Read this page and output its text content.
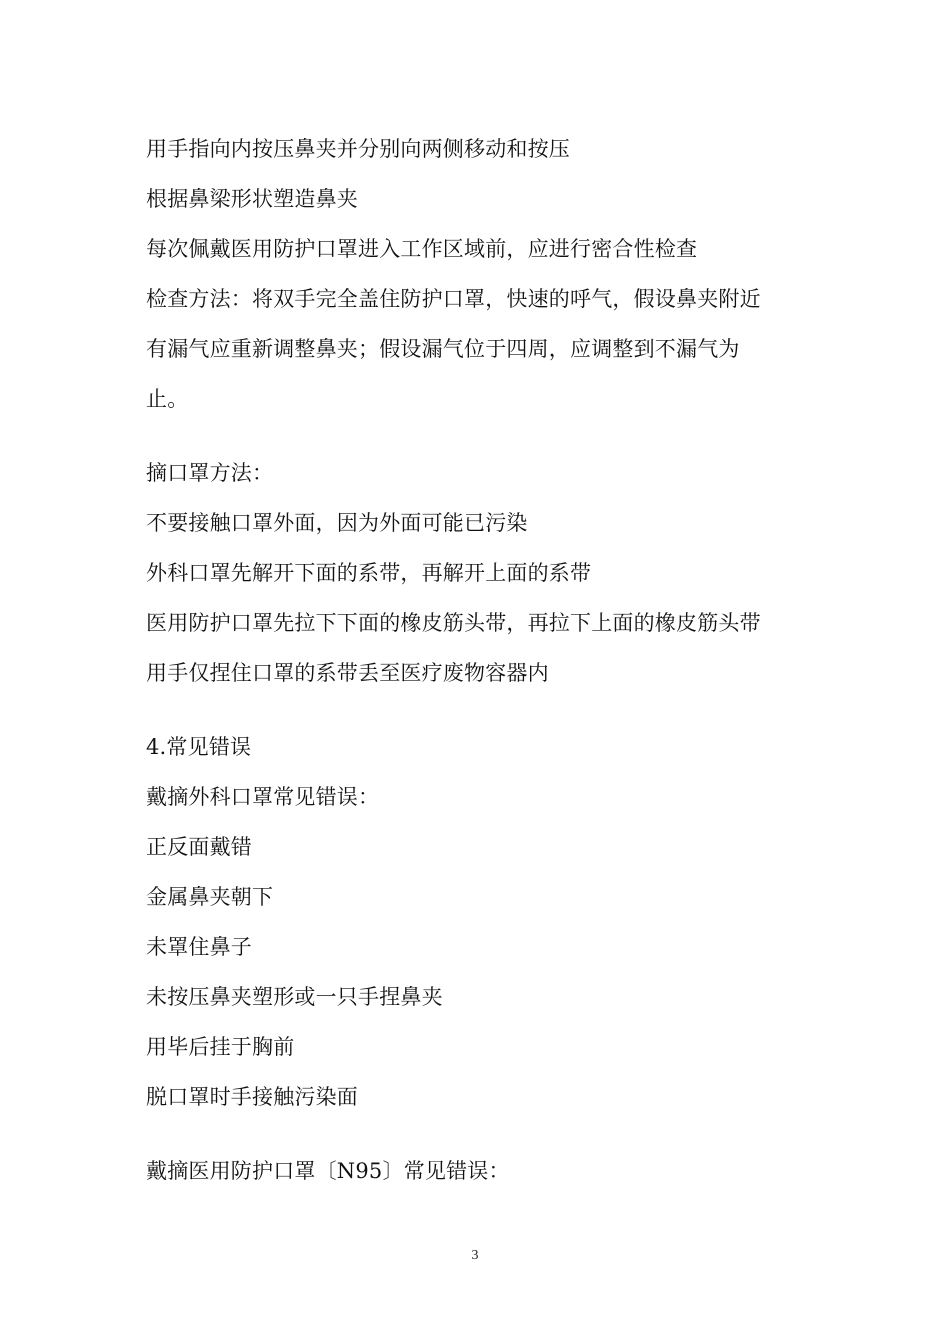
用手指向内按压鼻夹并分别向两侧移动和按压
根据鼻梁形状塑造鼻夹
每次佩戴医用防护口罩进入工作区域前，应进行密合性检查
检查方法：将双手完全盖住防护口罩，快速的呼气，假设鼻夹附近
有漏气应重新调整鼻夹；假设漏气位于四周，应调整到不漏气为
止。
摘口罩方法：
不要接触口罩外面，因为外面可能已污染
外科口罩先解开下面的系带，再解开上面的系带
医用防护口罩先拉下下面的橡皮筋头带，再拉下上面的橡皮筋头带
用手仅捏住口罩的系带丢至医疗废物容器内
4.常见错误
戴摘外科口罩常见错误：
正反面戴错
金属鼻夹朝下
未罩住鼻子
未按压鼻夹塑形或一只手捏鼻夹
用毕后挂于胸前
脱口罩时手接触污染面
戴摘医用防护口罩〔N95〕常见错误：
3
